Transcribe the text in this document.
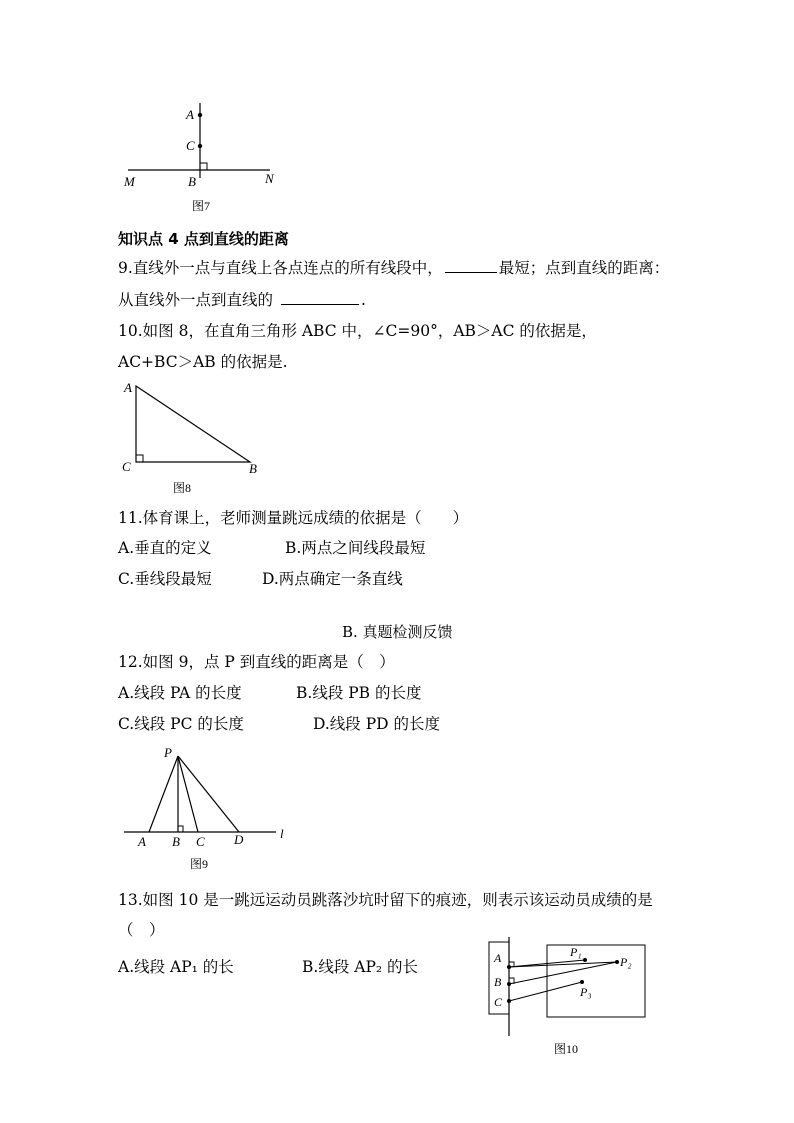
A
C
M	B	N
图7
知识点 4 点到直线的距离
9.直线外一点与直线上各点连点的所有线段中，	最短；点到直线的距离：
从直线外一点到直线的	.
10.如图 8，在直角三角形 ABC 中，∠C=90°，AB＞AC 的依据是，
AC+BC＞AB 的依据是.
A
C	B
图8
11.体育课上，老师测量跳远成绩的依据是（　　）
A.垂直的定义	B.两点之间线段最短
C.垂线段最短	D.两点确定一条直线
B. 真题检测反馈
12.如图 9，点 P 到直线的距离是（　）
A.线段 PA 的长度	B.线段 PB 的长度
C.线段 PC 的长度	D.线段 PD 的长度
P
A B C D	l
图9
13.如图 10 是一跳远运动员跳落沙坑时留下的痕迹，则表示该运动员成绩的是
（　）
A.线段 AP₁ 的长	B.线段 AP₂ 的长	A
B
C
P₁
P₂
P₃
图10
